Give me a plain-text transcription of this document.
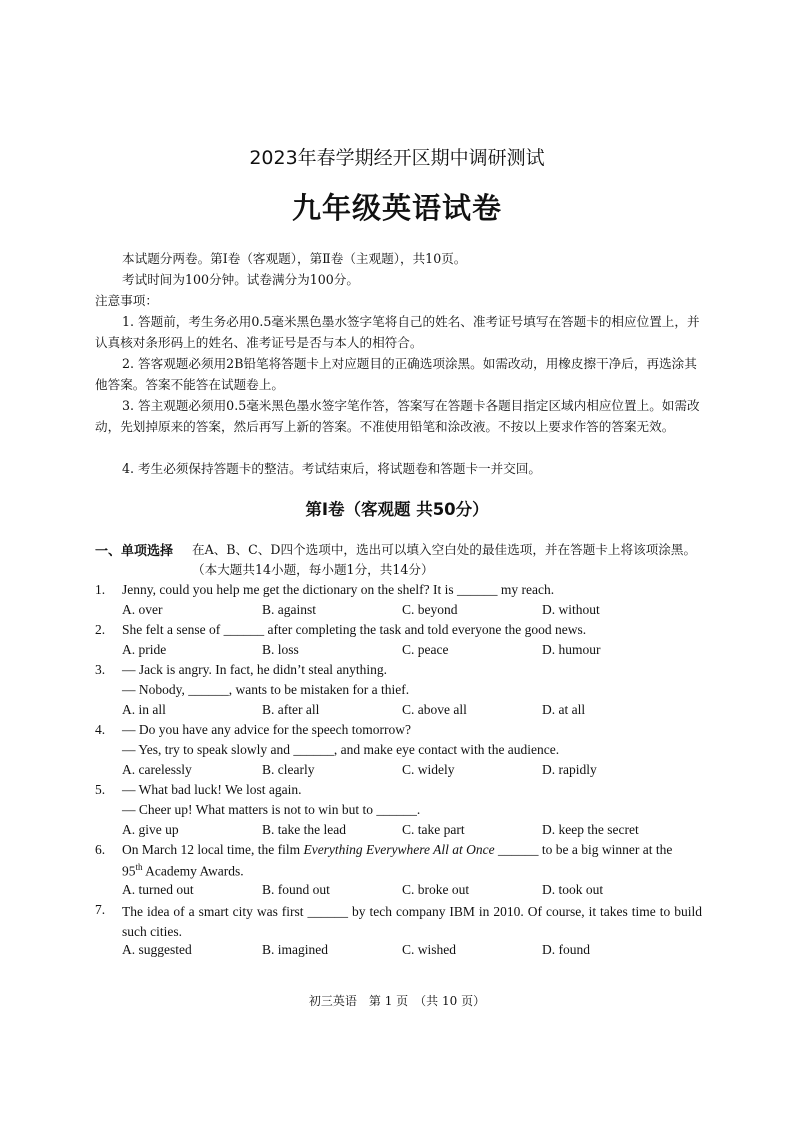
2023年春学期经开区期中调研测试
九年级英语试卷
本试题分两卷。第Ⅰ卷（客观题），第Ⅱ卷（主观题），共10页。
考试时间为100分钟。试卷满分为100分。
注意事项：
1. 答题前，考生务必用0.5毫米黑色墨水签字笔将自己的姓名、准考证号填写在答题卡的相应位置上，并认真核对条形码上的姓名、准考证号是否与本人的相符合。
2. 答客观题必须用2B铅笔将答题卡上对应题目的正确选项涂黑。如需改动，用橡皮擦干净后，再选涂其他答案。答案不能答在试题卷上。
3. 答主观题必须用0.5毫米黑色墨水签字笔作答，答案写在答题卡各题目指定区域内相应位置上。如需改动，先划掉原来的答案，然后再写上新的答案。不准使用铅笔和涂改液。不按以上要求作答的答案无效。
4. 考生必须保持答题卡的整洁。考试结束后，将试题卷和答题卡一并交回。
第Ⅰ卷（客观题 共50分）
一、单项选择 在A、B、C、D四个选项中，选出可以填入空白处的最佳选项，并在答题卡上将该项涂黑。（本大题共14小题，每小题1分，共14分）
1. Jenny, could you help me get the dictionary on the shelf? It is ______ my reach.
A. over	B. against	C. beyond	D. without
2. She felt a sense of ______ after completing the task and told everyone the good news.
A. pride	B. loss	C. peace	D. humour
3. — Jack is angry. In fact, he didn’t steal anything.
— Nobody, ______, wants to be mistaken for a thief.
A. in all	B. after all	C. above all	D. at all
4. — Do you have any advice for the speech tomorrow?
— Yes, try to speak slowly and ______, and make eye contact with the audience.
A. carelessly	B. clearly	C. widely	D. rapidly
5. — What bad luck! We lost again.
— Cheer up! What matters is not to win but to ______.
A. give up	B. take the lead	C. take part	D. keep the secret
6. On March 12 local time, the film Everything Everywhere All at Once ______ to be a big winner at the
95th Academy Awards.
A. turned out	B. found out	C. broke out	D. took out
7. The idea of a smart city was first ______ by tech company IBM in 2010. Of course, it takes time to build such cities.
A. suggested	B. imagined	C. wished	D. found
初三英语　第 1 页　（共 10 页）
